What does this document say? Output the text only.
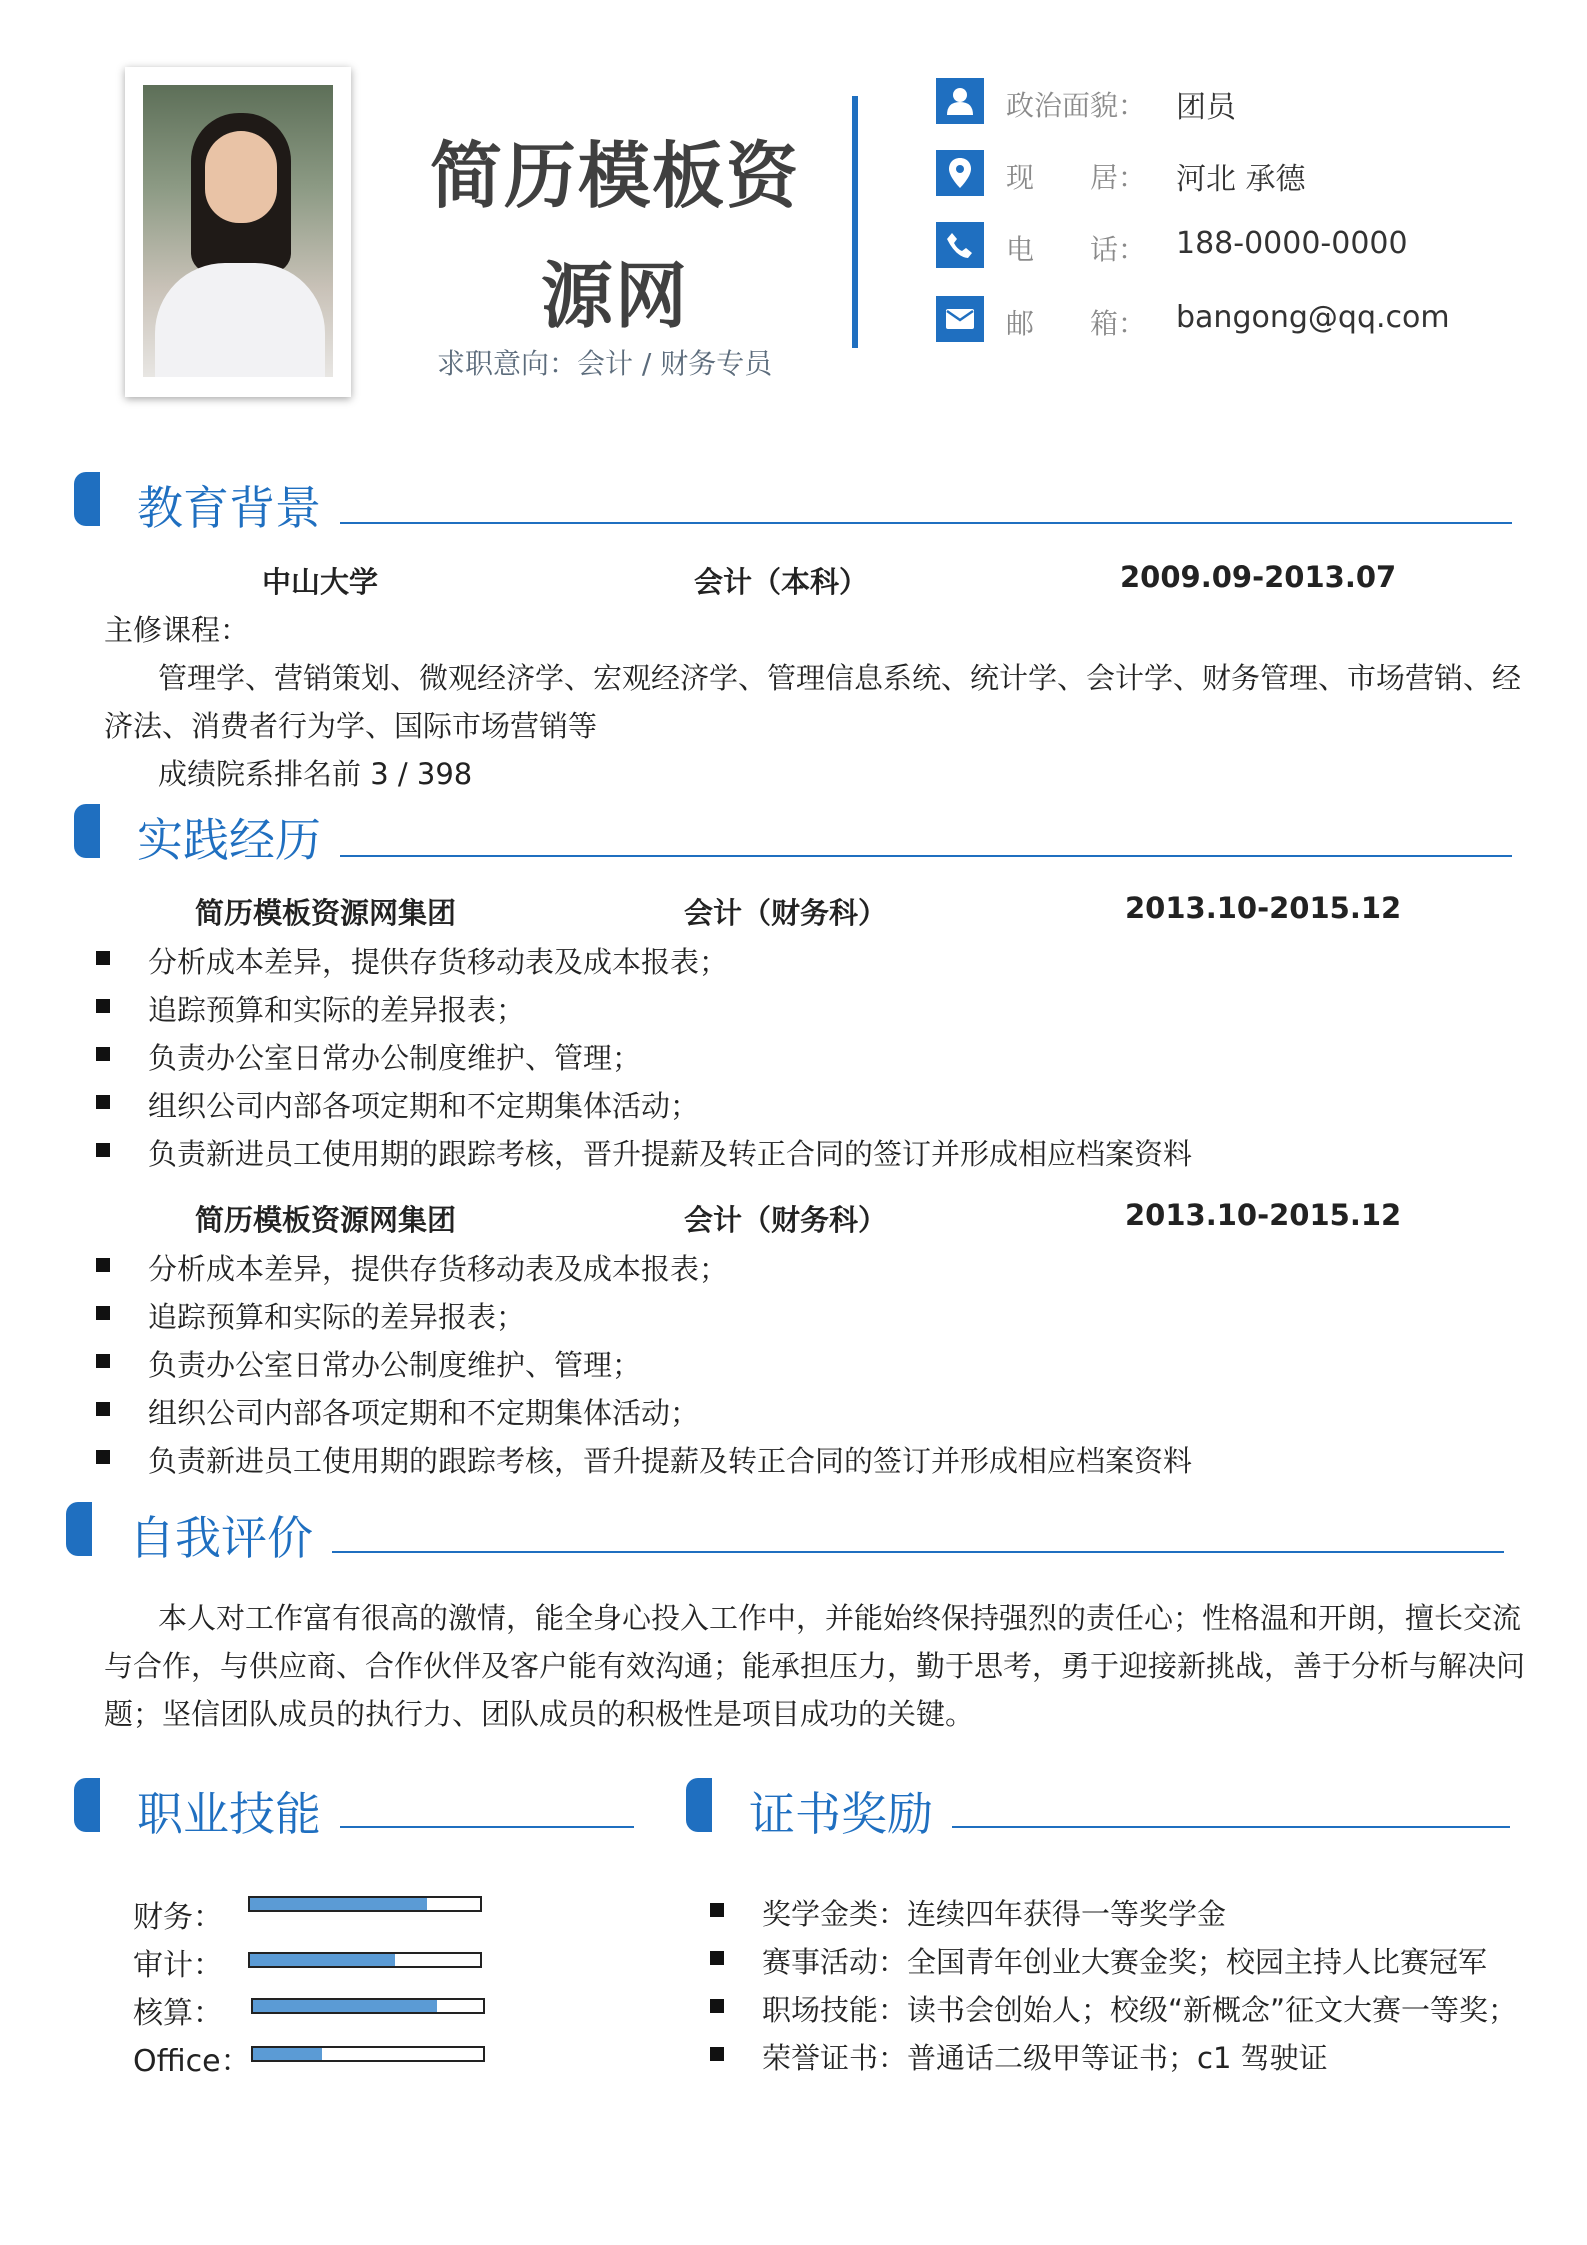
简历模板资
源网
求职意向：会计 / 财务专员
政治面貌： 团员
现　　居： 河北 承德
电　　话： 188-0000-0000
邮　　箱： bangong@qq.com
教育背景
中山大学	会计（本科）	2009.09-2013.07
主修课程：
管理学、营销策划、微观经济学、宏观经济学、管理信息系统、统计学、会计学、财务管理、市场营销、经
济法、消费者行为学、国际市场营销等
成绩院系排名前 3 / 398
实践经历
简历模板资源网集团	会计（财务科）	2013.10-2015.12
分析成本差异，提供存货移动表及成本报表；
追踪预算和实际的差异报表；
负责办公室日常办公制度维护、管理；
组织公司内部各项定期和不定期集体活动；
负责新进员工使用期的跟踪考核，晋升提薪及转正合同的签订并形成相应档案资料
简历模板资源网集团	会计（财务科）	2013.10-2015.12
分析成本差异，提供存货移动表及成本报表；
追踪预算和实际的差异报表；
负责办公室日常办公制度维护、管理；
组织公司内部各项定期和不定期集体活动；
负责新进员工使用期的跟踪考核，晋升提薪及转正合同的签订并形成相应档案资料
自我评价
本人对工作富有很高的激情，能全身心投入工作中，并能始终保持强烈的责任心；性格温和开朗，擅长交流
与合作，与供应商、合作伙伴及客户能有效沟通；能承担压力，勤于思考，勇于迎接新挑战，善于分析与解决问
题；坚信团队成员的执行力、团队成员的积极性是项目成功的关键。
职业技能
财务：
审计：
核算：
Office：
证书奖励
奖学金类：连续四年获得一等奖学金
赛事活动：全国青年创业大赛金奖；校园主持人比赛冠军
职场技能：读书会创始人；校级“新概念”征文大赛一等奖；
荣誉证书：普通话二级甲等证书；c1 驾驶证
